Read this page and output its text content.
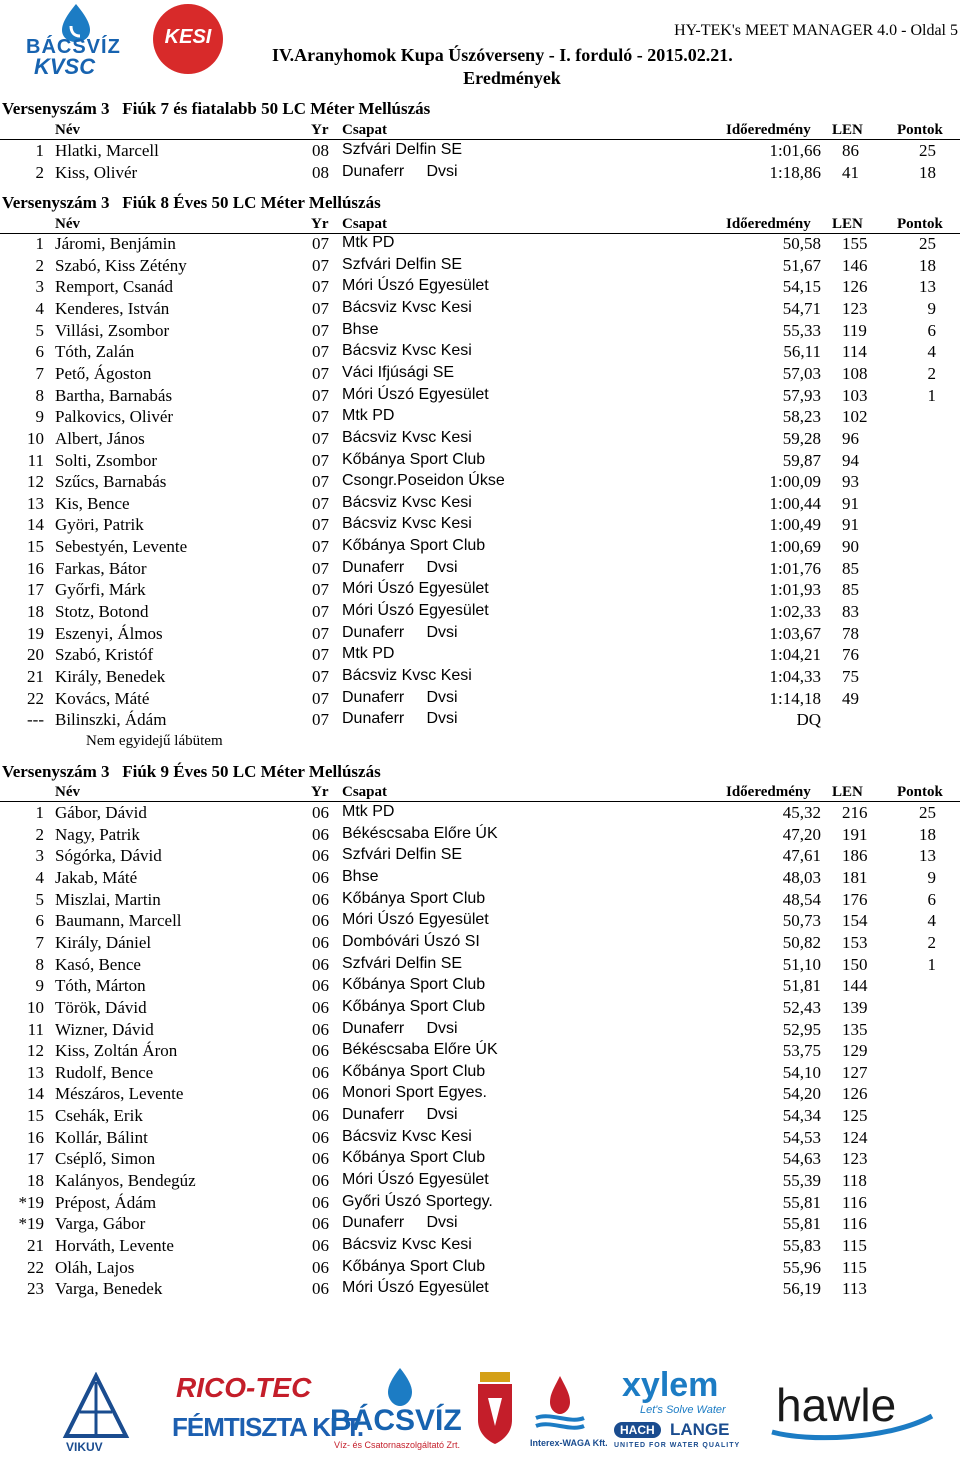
BÁCSVÍZ
KVSC
KESI	HY-TEK's MEET MANAGER 4.0 - Oldal 5
IV.Aranyhomok Kupa Úszóverseny - I. forduló - 2015.02.21.
Eredmények
Versenyszám 3   Fiúk 7 és fiatalabb 50 LC Méter Mellúszás
Név	Yr Csapat	Időeredmény LEN Pontok
1 Hlatki, Marcell	08 Szfvári Delfin SE	1:01,66 86	25
2 Kiss, Olivér	08 Dunaferr     Dvsi	1:18,86 41	18
Versenyszám 3   Fiúk 8 Éves 50 LC Méter Mellúszás
Név	Yr Csapat	Időeredmény LEN Pontok
1 Járomi, Benjámin	07 Mtk PD	50,58 155	25
2 Szabó, Kiss Zétény	07 Szfvári Delfin SE	51,67 146	18
3 Remport, Csanád	07 Móri Úszó Egyesület	54,15 126	13
4 Kenderes, István	07 Bácsviz Kvsc Kesi	54,71 123	9
5 Villási, Zsombor	07 Bhse	55,33 119	6
6 Tóth, Zalán	07 Bácsviz Kvsc Kesi	56,11 114	4
7 Pető, Ágoston	07 Váci Ifjúsági SE	57,03 108	2
8 Bartha, Barnabás	07 Móri Úszó Egyesület	57,93 103	1
9 Palkovics, Olivér	07 Mtk PD	58,23 102
10 Albert, János	07 Bácsviz Kvsc Kesi	59,28 96
11 Solti, Zsombor	07 Kőbánya Sport Club	59,87 94
12 Szűcs, Barnabás	07 Csongr.Poseidon Úkse	1:00,09 93
13 Kis, Bence	07 Bácsviz Kvsc Kesi	1:00,44 91
14 Györi, Patrik	07 Bácsviz Kvsc Kesi	1:00,49 91
15 Sebestyén, Levente	07 Kőbánya Sport Club	1:00,69 90
16 Farkas, Bátor	07 Dunaferr     Dvsi	1:01,76 85
17 Győrfi, Márk	07 Móri Úszó Egyesület	1:01,93 85
18 Stotz, Botond	07 Móri Úszó Egyesület	1:02,33 83
19 Eszenyi, Álmos	07 Dunaferr     Dvsi	1:03,67 78
20 Szabó, Kristóf	07 Mtk PD	1:04,21 76
21 Király, Benedek	07 Bácsviz Kvsc Kesi	1:04,33 75
22 Kovács, Máté	07 Dunaferr     Dvsi	1:14,18 49
--- Bilinszki, Ádám	07 Dunaferr     Dvsi	DQ
Nem egyidejű lábütem
Versenyszám 3   Fiúk 9 Éves 50 LC Méter Mellúszás
Név	Yr Csapat	Időeredmény LEN Pontok
1 Gábor, Dávid	06 Mtk PD	45,32 216	25
2 Nagy, Patrik	06 Békéscsaba Előre ÚK	47,20 191	18
3 Sógórka, Dávid	06 Szfvári Delfin SE	47,61 186	13
4 Jakab, Máté	06 Bhse	48,03 181	9
5 Miszlai, Martin	06 Kőbánya Sport Club	48,54 176	6
6 Baumann, Marcell	06 Móri Úszó Egyesület	50,73 154	4
7 Király, Dániel	06 Dombóvári Úszó SI	50,82 153	2
8 Kasó, Bence	06 Szfvári Delfin SE	51,10 150	1
9 Tóth, Márton	06 Kőbánya Sport Club	51,81 144
10 Török, Dávid	06 Kőbánya Sport Club	52,43 139
11 Wizner, Dávid	06 Dunaferr     Dvsi	52,95 135
12 Kiss, Zoltán Áron	06 Békéscsaba Előre ÚK	53,75 129
13 Rudolf, Bence	06 Kőbánya Sport Club	54,10 127
14 Mészáros, Levente	06 Monori Sport Egyes.	54,20 126
15 Csehák, Erik	06 Dunaferr     Dvsi	54,34 125
16 Kollár, Bálint	06 Bácsviz Kvsc Kesi	54,53 124
17 Cséplő, Simon	06 Kőbánya Sport Club	54,63 123
18 Kalányos, Bendegúz	06 Móri Úszó Egyesület	55,39 118
*19 Prépost, Ádám	06 Győri Úszó Sportegy.	55,81 116
*19 Varga, Gábor	06 Dunaferr     Dvsi	55,81 116
21 Horváth, Levente	06 Bácsviz Kvsc Kesi	55,83 115
22 Oláh, Lajos	06 Kőbánya Sport Club	55,96 115
23 Varga, Benedek	06 Móri Úszó Egyesület	56,19 113
VIKUV
RICO-TEC
FÉMTISZTA KFT.
BÁCSVÍZ
Víz- és Csatornaszolgáltató Zrt.	Interex-WAGA Kft.
xylem
Let's Solve Water
HACH LANGE
UNITED FOR WATER QUALITY
hawle
